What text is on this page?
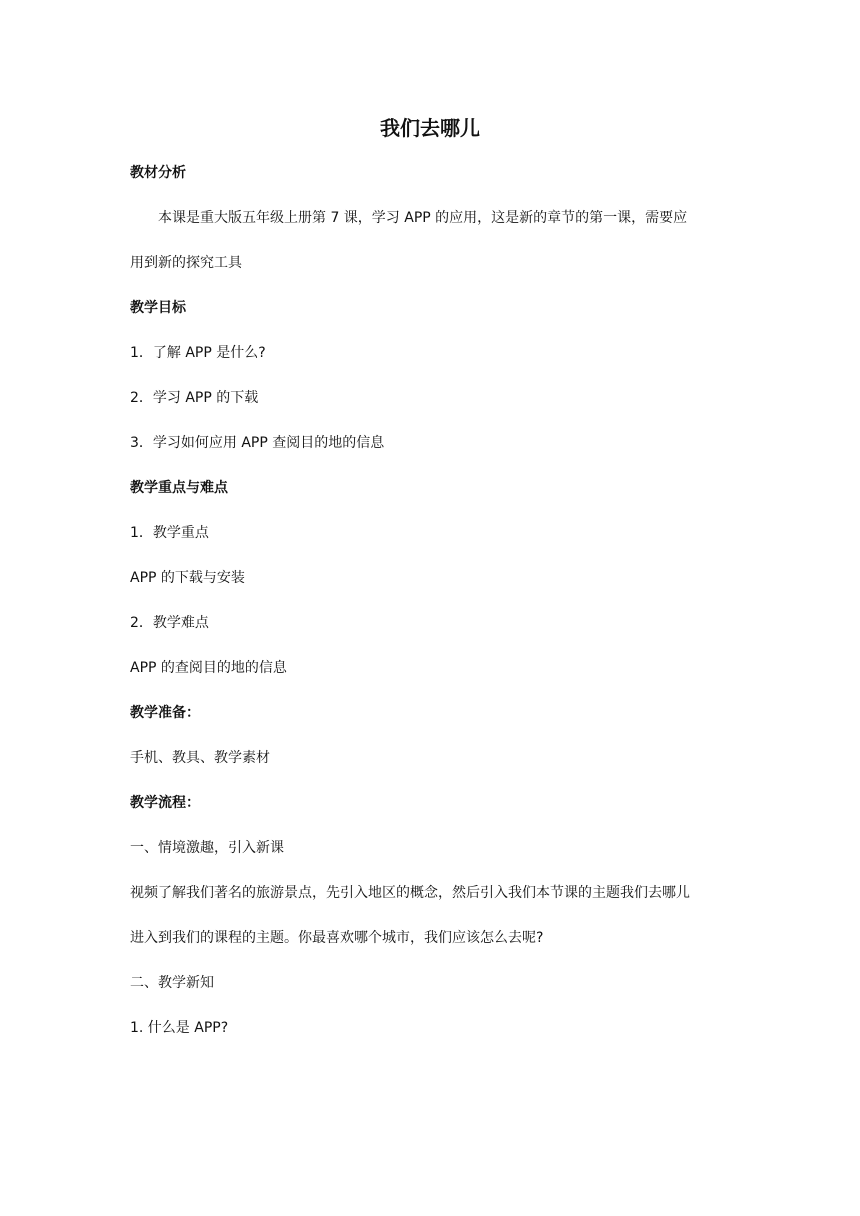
我们去哪儿
教材分析
本课是重大版五年级上册第 7 课，学习 APP 的应用，这是新的章节的第一课，需要应
用到新的探究工具
教学目标
1．了解 APP 是什么?
2．学习 APP 的下载
3．学习如何应用 APP 查阅目的地的信息
教学重点与难点
1．教学重点
APP 的下载与安装
2．教学难点
APP 的查阅目的地的信息
教学准备：
手机、教具、教学素材
教学流程：
一、情境激趣，引入新课
视频了解我们著名的旅游景点，先引入地区的概念，然后引入我们本节课的主题我们去哪儿
进入到我们的课程的主题。你最喜欢哪个城市，我们应该怎么去呢?
二、教学新知
1. 什么是 APP?
